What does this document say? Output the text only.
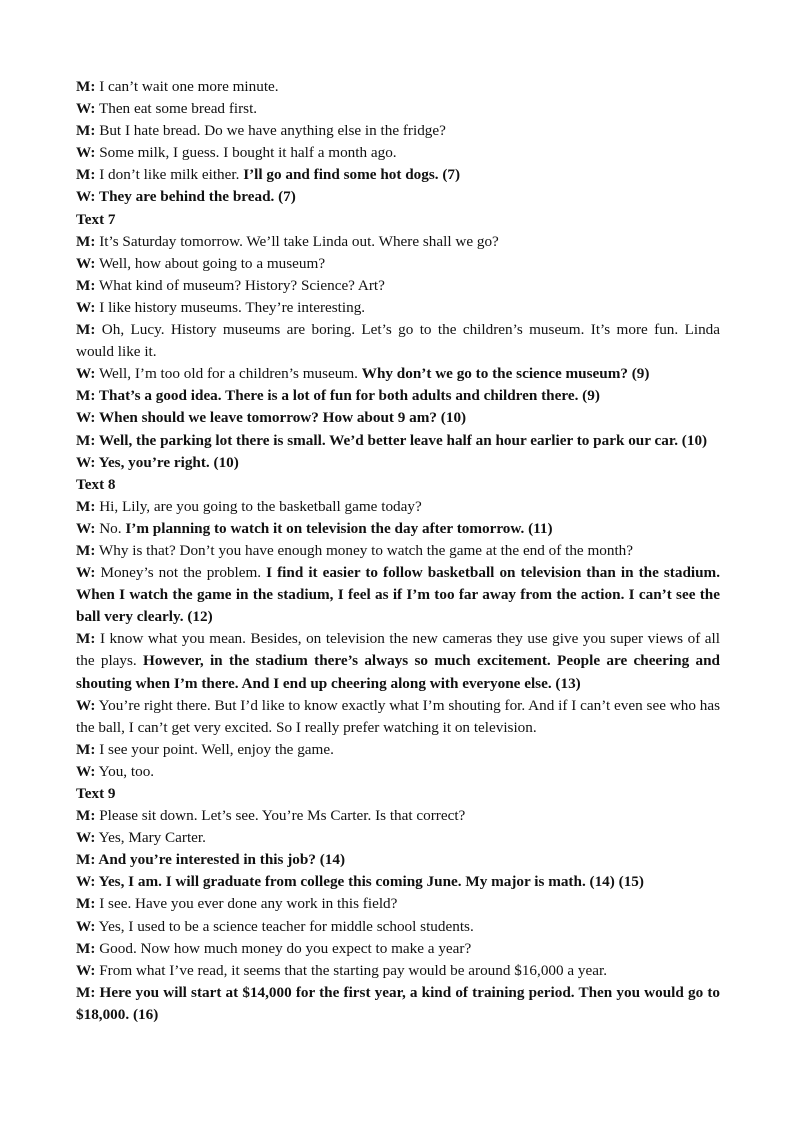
M: I can’t wait one more minute.

W: Then eat some bread first.

M: But I hate bread. Do we have anything else in the fridge?

W: Some milk, I guess. I bought it half a month ago.

M: I don’t like milk either. I’ll go and find some hot dogs. (7)

W: They are behind the bread. (7)

Text 7

M: It’s Saturday tomorrow. We’ll take Linda out. Where shall we go?

W: Well, how about going to a museum?

M: What kind of museum? History? Science? Art?

W: I like history museums. They’re interesting.

M: Oh, Lucy. History museums are boring. Let’s go to the children’s museum. It’s more fun. Linda would like it.

W: Well, I’m too old for a children’s museum. Why don’t we go to the science museum? (9)

M: That’s a good idea. There is a lot of fun for both adults and children there. (9)

W: When should we leave tomorrow? How about 9 am? (10)

M: Well, the parking lot there is small. We’d better leave half an hour earlier to park our car. (10)

W: Yes, you’re right. (10)

Text 8

M: Hi, Lily, are you going to the basketball game today?

W: No. I’m planning to watch it on television the day after tomorrow. (11)

M: Why is that? Don’t you have enough money to watch the game at the end of the month?

W: Money’s not the problem. I find it easier to follow basketball on television than in the stadium. When I watch the game in the stadium, I feel as if I’m too far away from the action. I can’t see the ball very clearly. (12)

M: I know what you mean. Besides, on television the new cameras they use give you super views of all the plays. However, in the stadium there’s always so much excitement. People are cheering and shouting when I’m there. And I end up cheering along with everyone else. (13)

W: You’re right there. But I’d like to know exactly what I’m shouting for. And if I can’t even see who has the ball, I can’t get very excited. So I really prefer watching it on television.

M: I see your point. Well, enjoy the game.

W: You, too.

Text 9

M: Please sit down. Let’s see. You’re Ms Carter. Is that correct?

W: Yes, Mary Carter.

M: And you’re interested in this job? (14)

W: Yes, I am. I will graduate from college this coming June. My major is math. (14) (15)

M: I see. Have you ever done any work in this field?

W: Yes, I used to be a science teacher for middle school students.

M: Good. Now how much money do you expect to make a year?

W: From what I’ve read, it seems that the starting pay would be around $16,000 a year.

M: Here you will start at $14,000 for the first year, a kind of training period. Then you would go to $18,000. (16)
